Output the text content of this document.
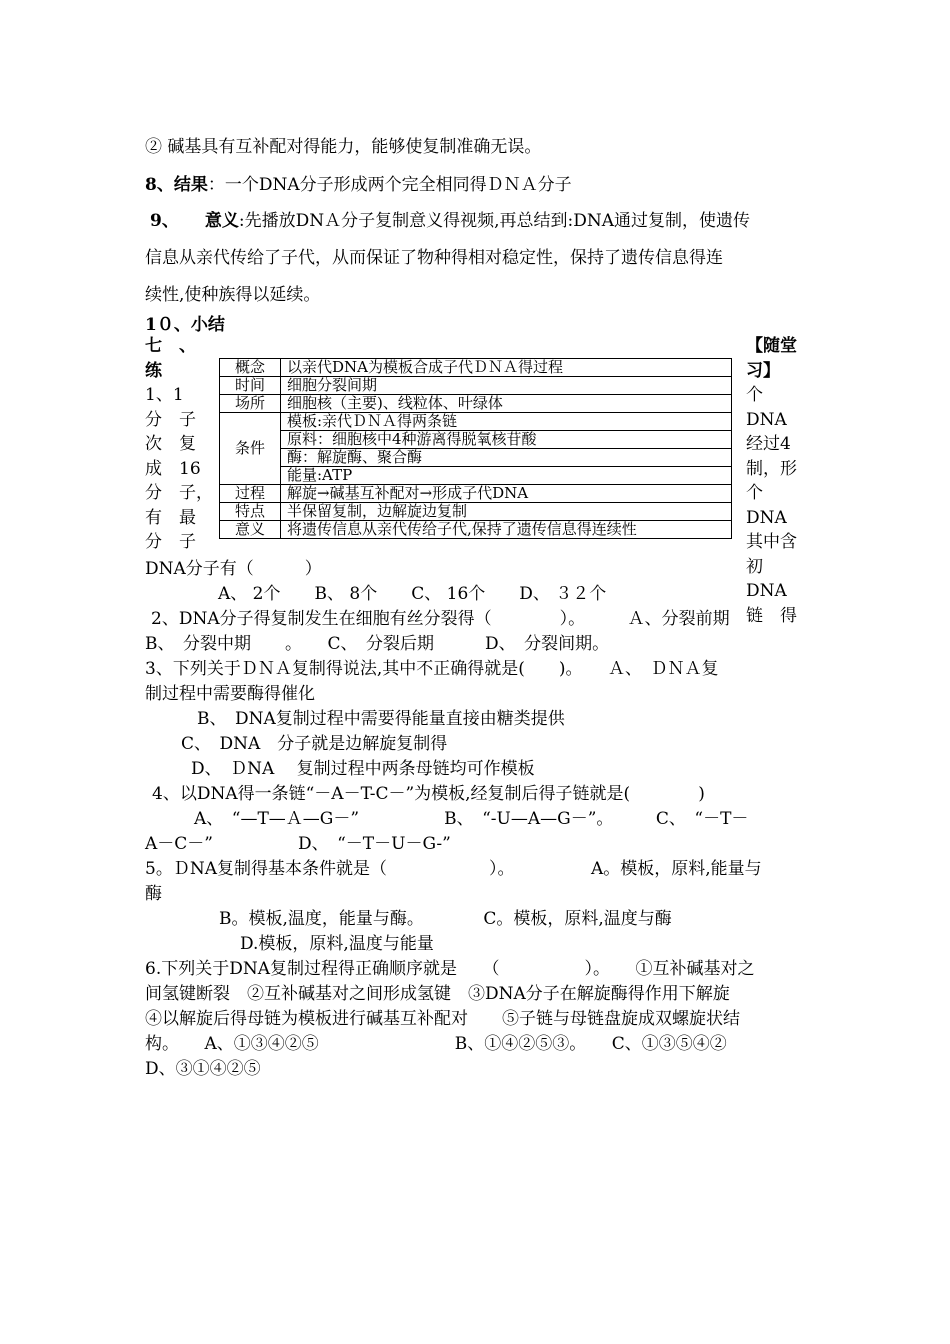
② 碱基具有互补配对得能力，能够使复制准确无误。
8、结果：一个DNA分子形成两个完全相同得ＤＮＡ分子
9、 意义:先播放DNＡ分子复制意义得视频,再总结到:DNA通过复制，使遗传
信息从亲代传给了子代，从而保证了物种得相对稳定性，保持了遗传信息得连
续性,使种族得以延续。
1０、小结
七　、
练
1、1
分　子
次　复
成　16
分　子，
有　最
分　子
【随堂
习】
个 DNA
经过4
制，形
个 DNA
其中含
初 DNA
链　得
概念	以亲代DNA为模板合成子代ＤＮＡ得过程
时间	细胞分裂间期
场所	细胞核（主要)、线粒体、叶绿体
条件	模板:亲代ＤＮＡ得两条链
	原料：细胞核中4种游离得脱氧核苷酸
	酶：解旋酶、聚合酶
	能量:ATP
过程	解旋→碱基互补配对→形成子代DNA
特点	半保留复制，边解旋边复制
意义	将遗传信息从亲代传给子代,保持了遗传信息得连续性
DNA分子有（　　　）
A、 2个 B、 8个 C、 16个 D、 ３２个
2、DNA分子得复制发生在细胞有丝分裂得（　　　　）。　　　Ａ、分裂前期
B、　分裂中期　　。　　C、　分裂后期　　　D、　分裂间期。
3、下列关于ＤＮＡ复制得说法,其中不正确得就是(　　)。　　Ａ、　ＤＮＡ复
制过程中需要酶得催化
B、　DNA复制过程中需要得能量直接由糖类提供
C、　DNA　分子就是边解旋复制得
D、　ＤNA　 复制过程中两条母链均可作模板
4、以DNA得一条链“－A－T-C－”为模板,经复制后得子链就是(　　　　)
A、　“—T—Ａ—G－”　　　　　B、　“-U—A—G－”。　　　C、　“－T－
A－C－”　　　　　D、　“－T－U－G-”
5。ＤNA复制得基本条件就是（　　　　　　）。　　　　　A。模板，原料,能量与
酶
B。模板,温度，能量与酶。　　　　C。模板，原料,温度与酶
D.模板，原料,温度与能量
6.下列关于DNA复制过程得正确顺序就是　　（　　　　　）。　　①互补碱基对之
间氢键断裂　②互补碱基对之间形成氢键　③DNA分子在解旋酶得作用下解旋
④以解旋后得母链为模板进行碱基互补配对　　⑤子链与母链盘旋成双螺旋状结
构。　　A、①③④②⑤　　　　　　　　B、①④②⑤③。　　C、①③⑤④②
D、③①④②⑤
